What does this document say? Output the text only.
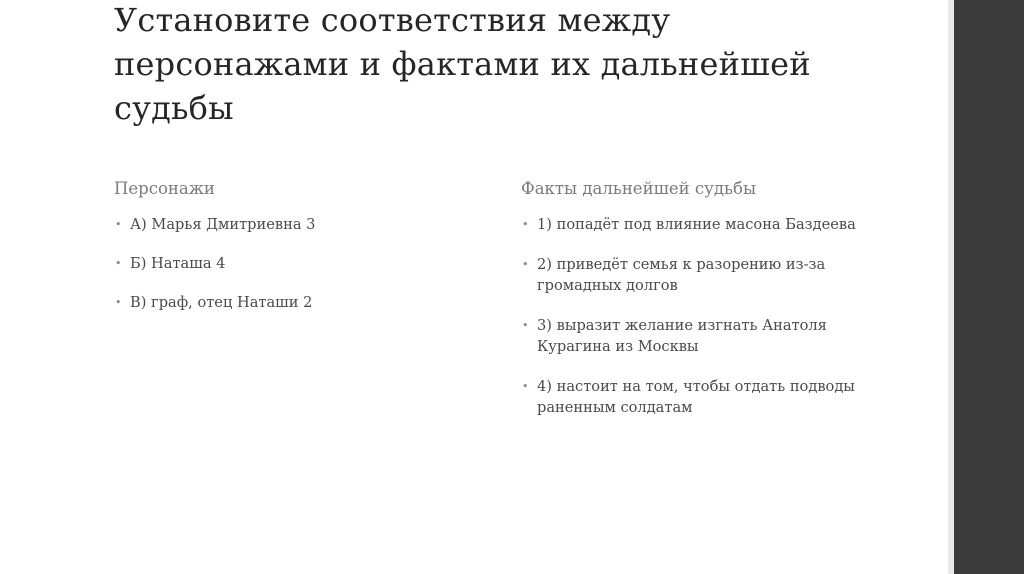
Установите соответствия между персонажами и фактами их дальнейшей судьбы
Персонажи
• А) Марья Дмитриевна 3
• Б) Наташа 4
• В) граф, отец Наташи 2
Факты дальнейшей судьбы
• 1) попадёт под влияние масона Баздеева
• 2) приведёт семья к разорению из-за громадных долгов
• 3) выразит желание изгнать Анатоля Курагина из Москвы
• 4) настоит на том, чтобы отдать подводы раненным солдатам
